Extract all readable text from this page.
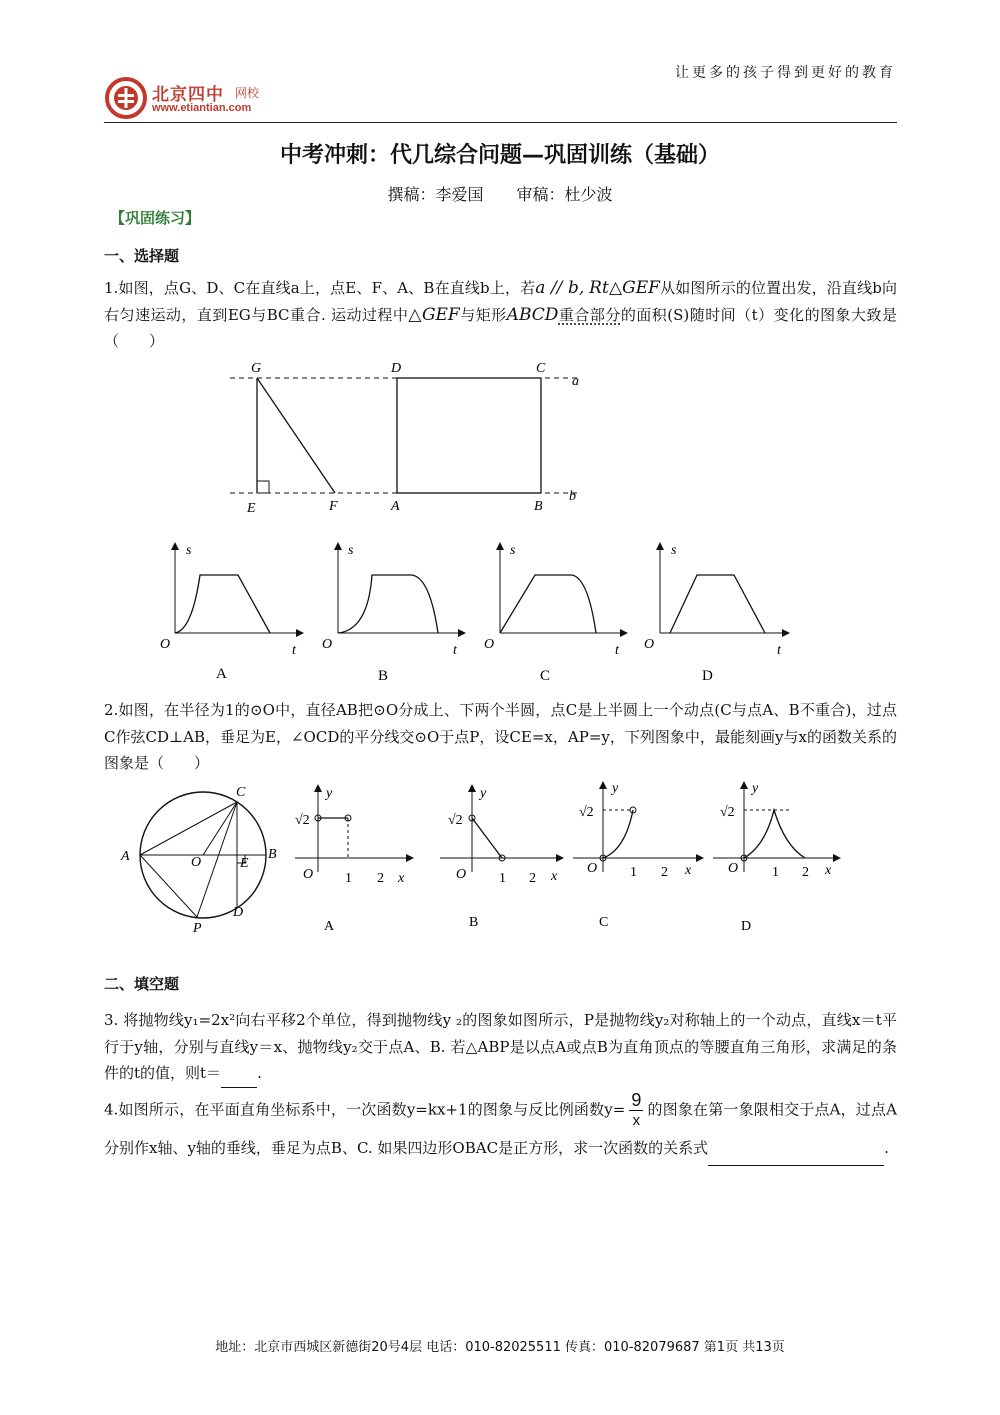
让更多的孩子得到更好的教育
北京四中 网校
www.etiantian.com
中考冲刺：代几综合问题—巩固训练（基础）
撰稿：李爱国 审稿：杜少波
【巩固练习】
一、选择题
1.如图，点G、D、C在直线a上，点E、F、A、B在直线b上，若a // b, Rt△GEF从如图所示的位置出发，沿直线b向右匀速运动，直到EG与BC重合. 运动过程中△GEF与矩形ABCD重合部分的面积(S)随时间（t）变化的图象大致是（　　）
G	D	C
a
E	F	A	B
b
s
O	t
A
s
O	t
B
s
O	t
C
s
O	t
D
2.如图，在半径为1的⊙O中，直径AB把⊙O分成上、下两个半圆，点C是上半圆上一个动点(C与点A、B不重合)，过点C作弦CD⊥AB，垂足为E，∠OCD的平分线交⊙O于点P，设CE=x，AP=y，下列图象中，最能刻画y与x的函数关系的图象是（　　）
A	B
C
D
E
O
P
y
√2
O 1 2 x
A
y
√2
O 1 2 x
B
y
√2
O 1 2 x
C
y
√2
O 1 2 x
D
二、填空题
3. 将抛物线y₁=2x²向右平移2个单位，得到抛物线y ₂的图象如图所示，P是抛物线y₂对称轴上的一个动点，直线x＝t平行于y轴，分别与直线y＝x、抛物线y₂交于点A、B. 若△ABP是以点A或点B为直角顶点的等腰直角三角形，求满足的条件的t的值，则t＝ .
4.如图所示，在平面直角坐标系中，一次函数y=kx+1的图象与反比例函数$y= \frac{9}{x}$ 的图象在第一象限相交于点A，过点A分别作x轴、y轴的垂线，垂足为点B、C. 如果四边形OBAC是正方形，求一次函数的关系式	.
地址：北京市西城区新德街20号4层 电话：010-82025511 传真：010-82079687 第1页 共13页
